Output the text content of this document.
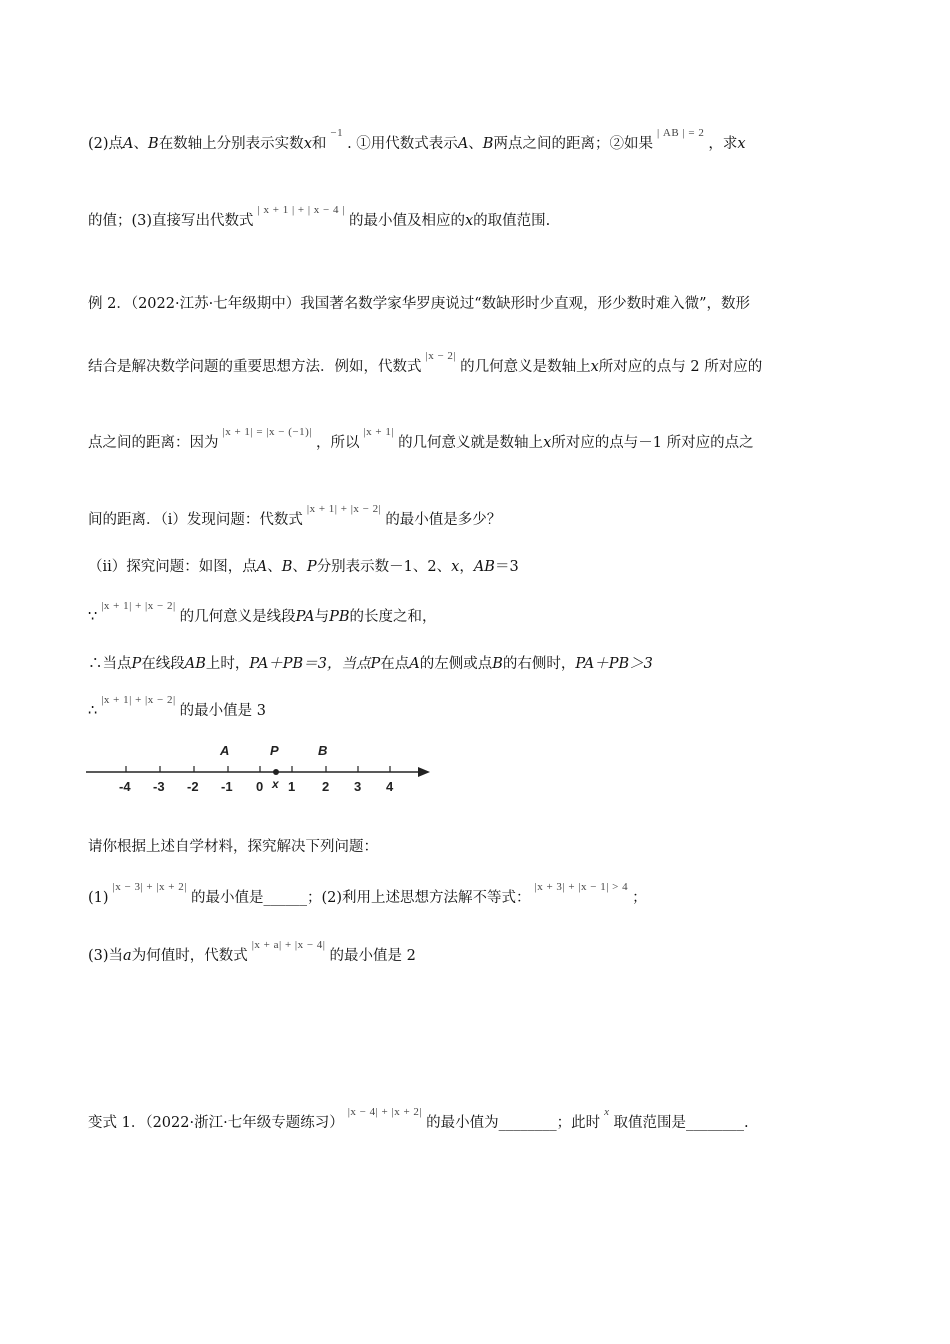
(2)点A、B在数轴上分别表示实数x和$^{-1}$. ①用代数式表示A、B两点之间的距离；②如果$^{| AB | = 2}$，求x
的值；(3)直接写出代数式$^{| x + 1 | + | x - 4 |}$的最小值及相应的x的取值范围.
例 2．（2022·江苏·七年级期中）我国著名数学家华罗庚说过“数缺形时少直观，形少数时难入微”，数形
结合是解决数学问题的重要思想方法．例如，代数式$^{|x - 2|}$的几何意义是数轴上x所对应的点与 2 所对应的
点之间的距离：因为$^{|x + 1| = |x - (-1)|}$，所以$^{|x + 1|}$的几何意义就是数轴上x所对应的点与－1 所对应的点之
间的距离．（ⅰ）发现问题：代数式$^{|x + 1| + |x - 2|}$的最小值是多少？
（ⅱ）探究问题：如图，点A、B、P分别表示数－1、2、x，AB＝3
∵$^{|x + 1| + |x - 2|}$的几何意义是线段PA与PB的长度之和，
∴当点P在线段AB上时，PA＋PB＝3，当点P在点A的左侧或点B的右侧时，PA＋PB＞3
∴$^{|x + 1| + |x - 2|}$的最小值是 3
-4 -3 -2 -1 0 1 2 3 4
A	P	B
x
请你根据上述自学材料，探究解决下列问题：
$(1)^{|x - 3| + |x + 2|}$的最小值是______；(2)利用上述思想方法解不等式：$^{|x + 3| + |x - 1| > 4}$；
(3)当a为何值时，代数式$^{|x + a| + |x - 4|}$的最小值是 2
变式 1．（2022·浙江·七年级专题练习）$^{|x - 4| + |x + 2|}$的最小值为________；此时$^x$取值范围是________.
